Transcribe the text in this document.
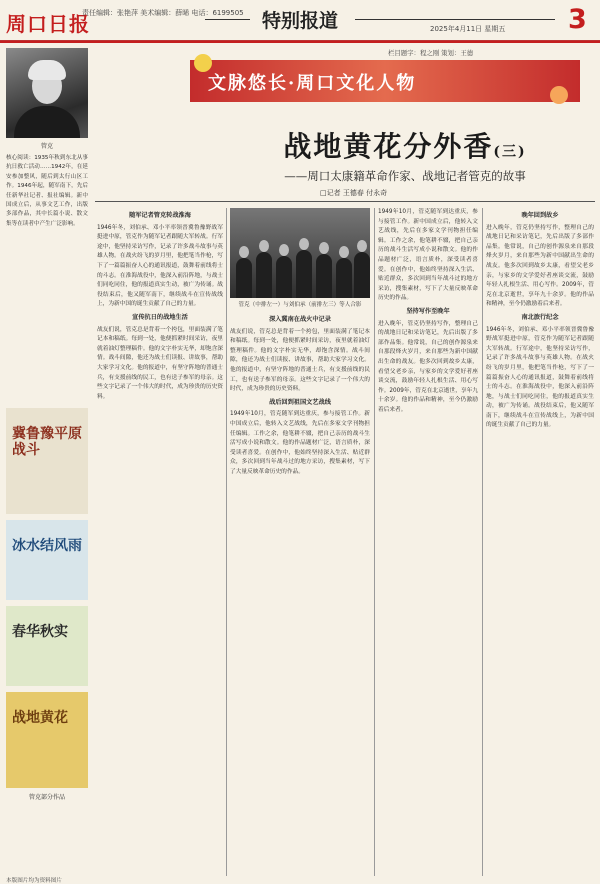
周口日报
责任编辑：张艳萍 美术编辑：薛晞 电话：6199505 特别报道	2025年4月11日 星期五 3
管克
核心阅读：1935年秋到东北从事抗日救亡活动……1942年，在延安参加整风，随后到太行山区工作。1946年起，随军南下，先后任新华社记者、报社编辑。新中国成立后，从事文艺工作，出版多部作品，其中长篇小说、散文集等在读者中产生广泛影响。
冀鲁豫平原战斗
冰水结风雨
春华秋实
战地黄花
管克部分作品
栏目题字：程之刚 策划：王德
文脉悠长·周口文化人物
战地黄花分外香(三)
——周口太康籍革命作家、战地记者管克的故事
□记者 王德春 付永奇
随军记者管克转战淮海
1946年冬，刘伯承、邓小平率领晋冀鲁豫野战军挺进中原，管克作为随军记者跟随大军转战。行军途中，他坚持采访写作，记录了许多战斗故事与英雄人物。在战火纷飞的岁月里，他把笔当作枪，写下了一篇篇振奋人心的通讯报道，鼓舞着前线将士的斗志。在淮海战役中，他深入前沿阵地，与战士们同吃同住，他的报道真实生动，被广为传诵。战役结束后，他又随军南下，继续战斗在宣传战线上，为新中国的诞生贡献了自己的力量。
宣传抗日的战地生活
战友们说，管克总是背着一个挎包，里面装满了笔记本和稿纸。每到一处，他便抓紧时间采访，夜里就着油灯整理稿件。他的文字朴实无华，却饱含深情。战斗间隙，他还为战士们读报、讲故事，帮助大家学习文化。他的报道中，有坚守阵地的普通士兵，有支援前线的民工，也有送子参军的母亲。这些文字记录了一个伟大的时代，成为珍贵的历史资料。
管克（中排左一）与刘伯承（前排左三）等人合影
深入冀南在战火中记录
战友们说，管克总是背着一个挎包，里面装满了笔记本和稿纸。每到一处，他便抓紧时间采访，夜里就着油灯整理稿件。他的文字朴实无华，却饱含深情。战斗间隙，他还为战士们读报、讲故事，帮助大家学习文化。他的报道中，有坚守阵地的普通士兵，有支援前线的民工，也有送子参军的母亲。这些文字记录了一个伟大的时代，成为珍贵的历史资料。
战后回到祖国文艺战线
1949年10月，管克随军到达重庆，参与接管工作。新中国成立后，他转入文艺战线，先后在多家文学刊物担任编辑。工作之余，他笔耕不辍，把自己亲历的战斗生活写成小说和散文。他的作品题材广泛，语言质朴，深受读者喜爱。在创作中，他始终坚持深入生活、贴近群众，多次回到当年战斗过的地方采访，搜集素材，写下了大量反映革命历史的作品。
1949年10月，管克随军到达重庆，参与接管工作。新中国成立后，他转入文艺战线，先后在多家文学刊物担任编辑。工作之余，他笔耕不辍，把自己亲历的战斗生活写成小说和散文。他的作品题材广泛，语言质朴，深受读者喜爱。在创作中，他始终坚持深入生活、贴近群众，多次回到当年战斗过的地方采访，搜集素材，写下了大量反映革命历史的作品。
坚持写作至晚年
进入晚年，管克仍坚持写作，整理自己的战地日记和采访笔记，先后出版了多部作品集。他常说，自己的创作源泉来自那段烽火岁月，来自那些为新中国献出生命的战友。他多次回到故乡太康，看望父老乡亲，与家乡的文学爱好者座谈交流，鼓励年轻人扎根生活、用心写作。2009年，管克在北京逝世，享年九十余岁。他的作品和精神，至今仍激励着后来者。
晚年回到故乡
进入晚年，管克仍坚持写作，整理自己的战地日记和采访笔记，先后出版了多部作品集。他常说，自己的创作源泉来自那段烽火岁月，来自那些为新中国献出生命的战友。他多次回到故乡太康，看望父老乡亲，与家乡的文学爱好者座谈交流，鼓励年轻人扎根生活、用心写作。2009年，管克在北京逝世，享年九十余岁。他的作品和精神，至今仍激励着后来者。
南北旅行纪念
1946年冬，刘伯承、邓小平率领晋冀鲁豫野战军挺进中原，管克作为随军记者跟随大军转战。行军途中，他坚持采访写作，记录了许多战斗故事与英雄人物。在战火纷飞的岁月里，他把笔当作枪，写下了一篇篇振奋人心的通讯报道，鼓舞着前线将士的斗志。在淮海战役中，他深入前沿阵地，与战士们同吃同住，他的报道真实生动，被广为传诵。战役结束后，他又随军南下，继续战斗在宣传战线上，为新中国的诞生贡献了自己的力量。
本版图片均为资料图片
